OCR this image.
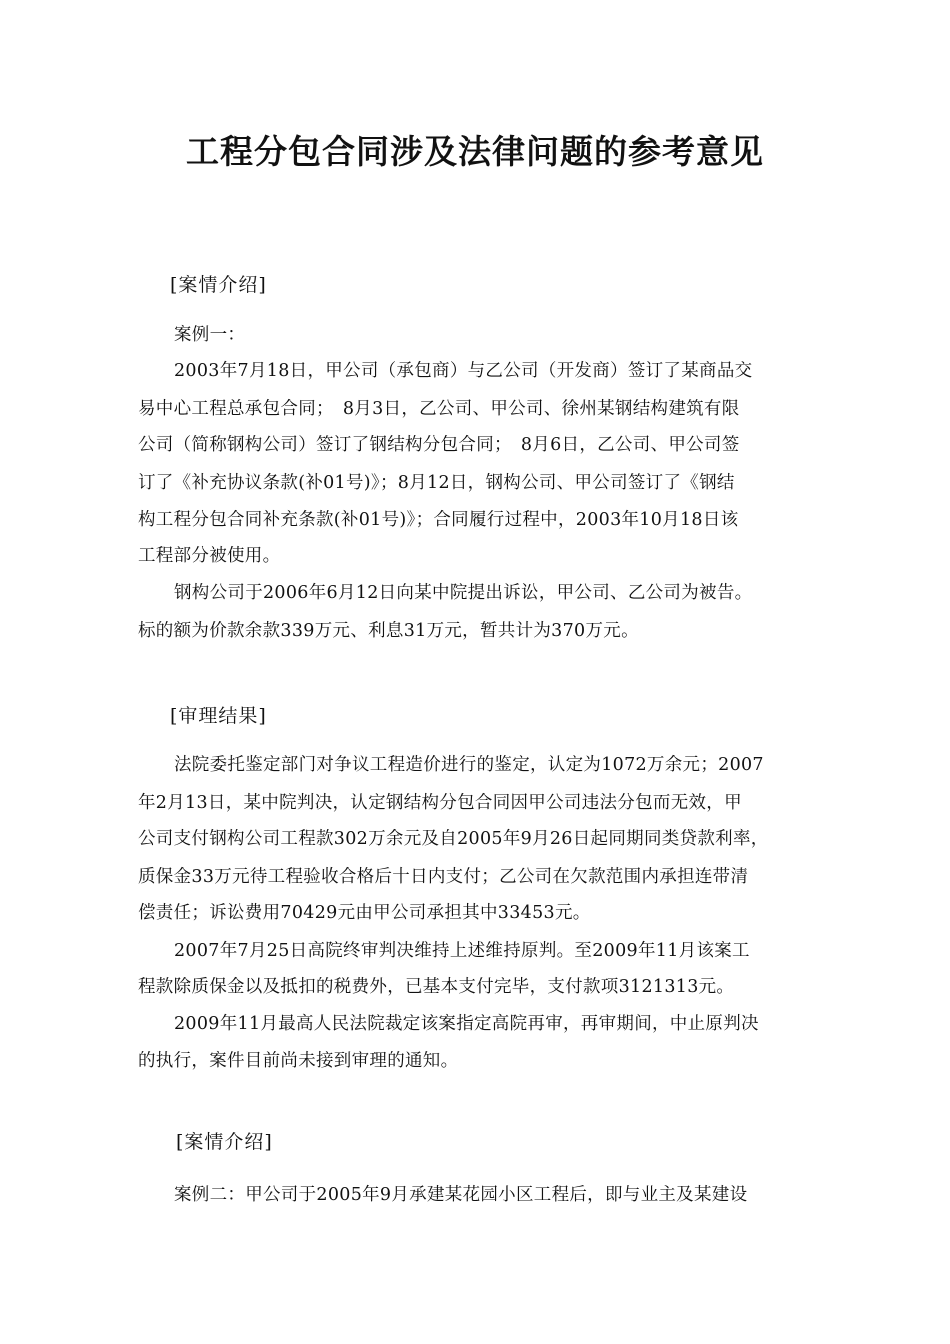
工程分包合同涉及法律问题的参考意见
[案情介绍]
案例一：
2003年7月18日，甲公司（承包商）与乙公司（开发商）签订了某商品交
易中心工程总承包合同；　8月3日，乙公司、甲公司、徐州某钢结构建筑有限
公司（简称钢构公司）签订了钢结构分包合同；　8月6日，乙公司、甲公司签
订了《补充协议条款(补01号)》；8月12日，钢构公司、甲公司签订了《钢结
构工程分包合同补充条款(补01号)》；合同履行过程中，2003年10月18日该
工程部分被使用。
钢构公司于2006年6月12日向某中院提出诉讼，甲公司、乙公司为被告。
标的额为价款余款339万元、利息31万元，暂共计为370万元。
[审理结果]
法院委托鉴定部门对争议工程造价进行的鉴定，认定为1072万余元；2007
年2月13日，某中院判决，认定钢结构分包合同因甲公司违法分包而无效，甲
公司支付钢构公司工程款302万余元及自2005年9月26日起同期同类贷款利率，
质保金33万元待工程验收合格后十日内支付；乙公司在欠款范围内承担连带清
偿责任；诉讼费用70429元由甲公司承担其中33453元。
2007年7月25日高院终审判决维持上述维持原判。至2009年11月该案工
程款除质保金以及抵扣的税费外，已基本支付完毕，支付款项3121313元。
2009年11月最高人民法院裁定该案指定高院再审，再审期间，中止原判决
的执行，案件目前尚未接到审理的通知。
[案情介绍]
案例二：甲公司于2005年9月承建某花园小区工程后，即与业主及某建设
